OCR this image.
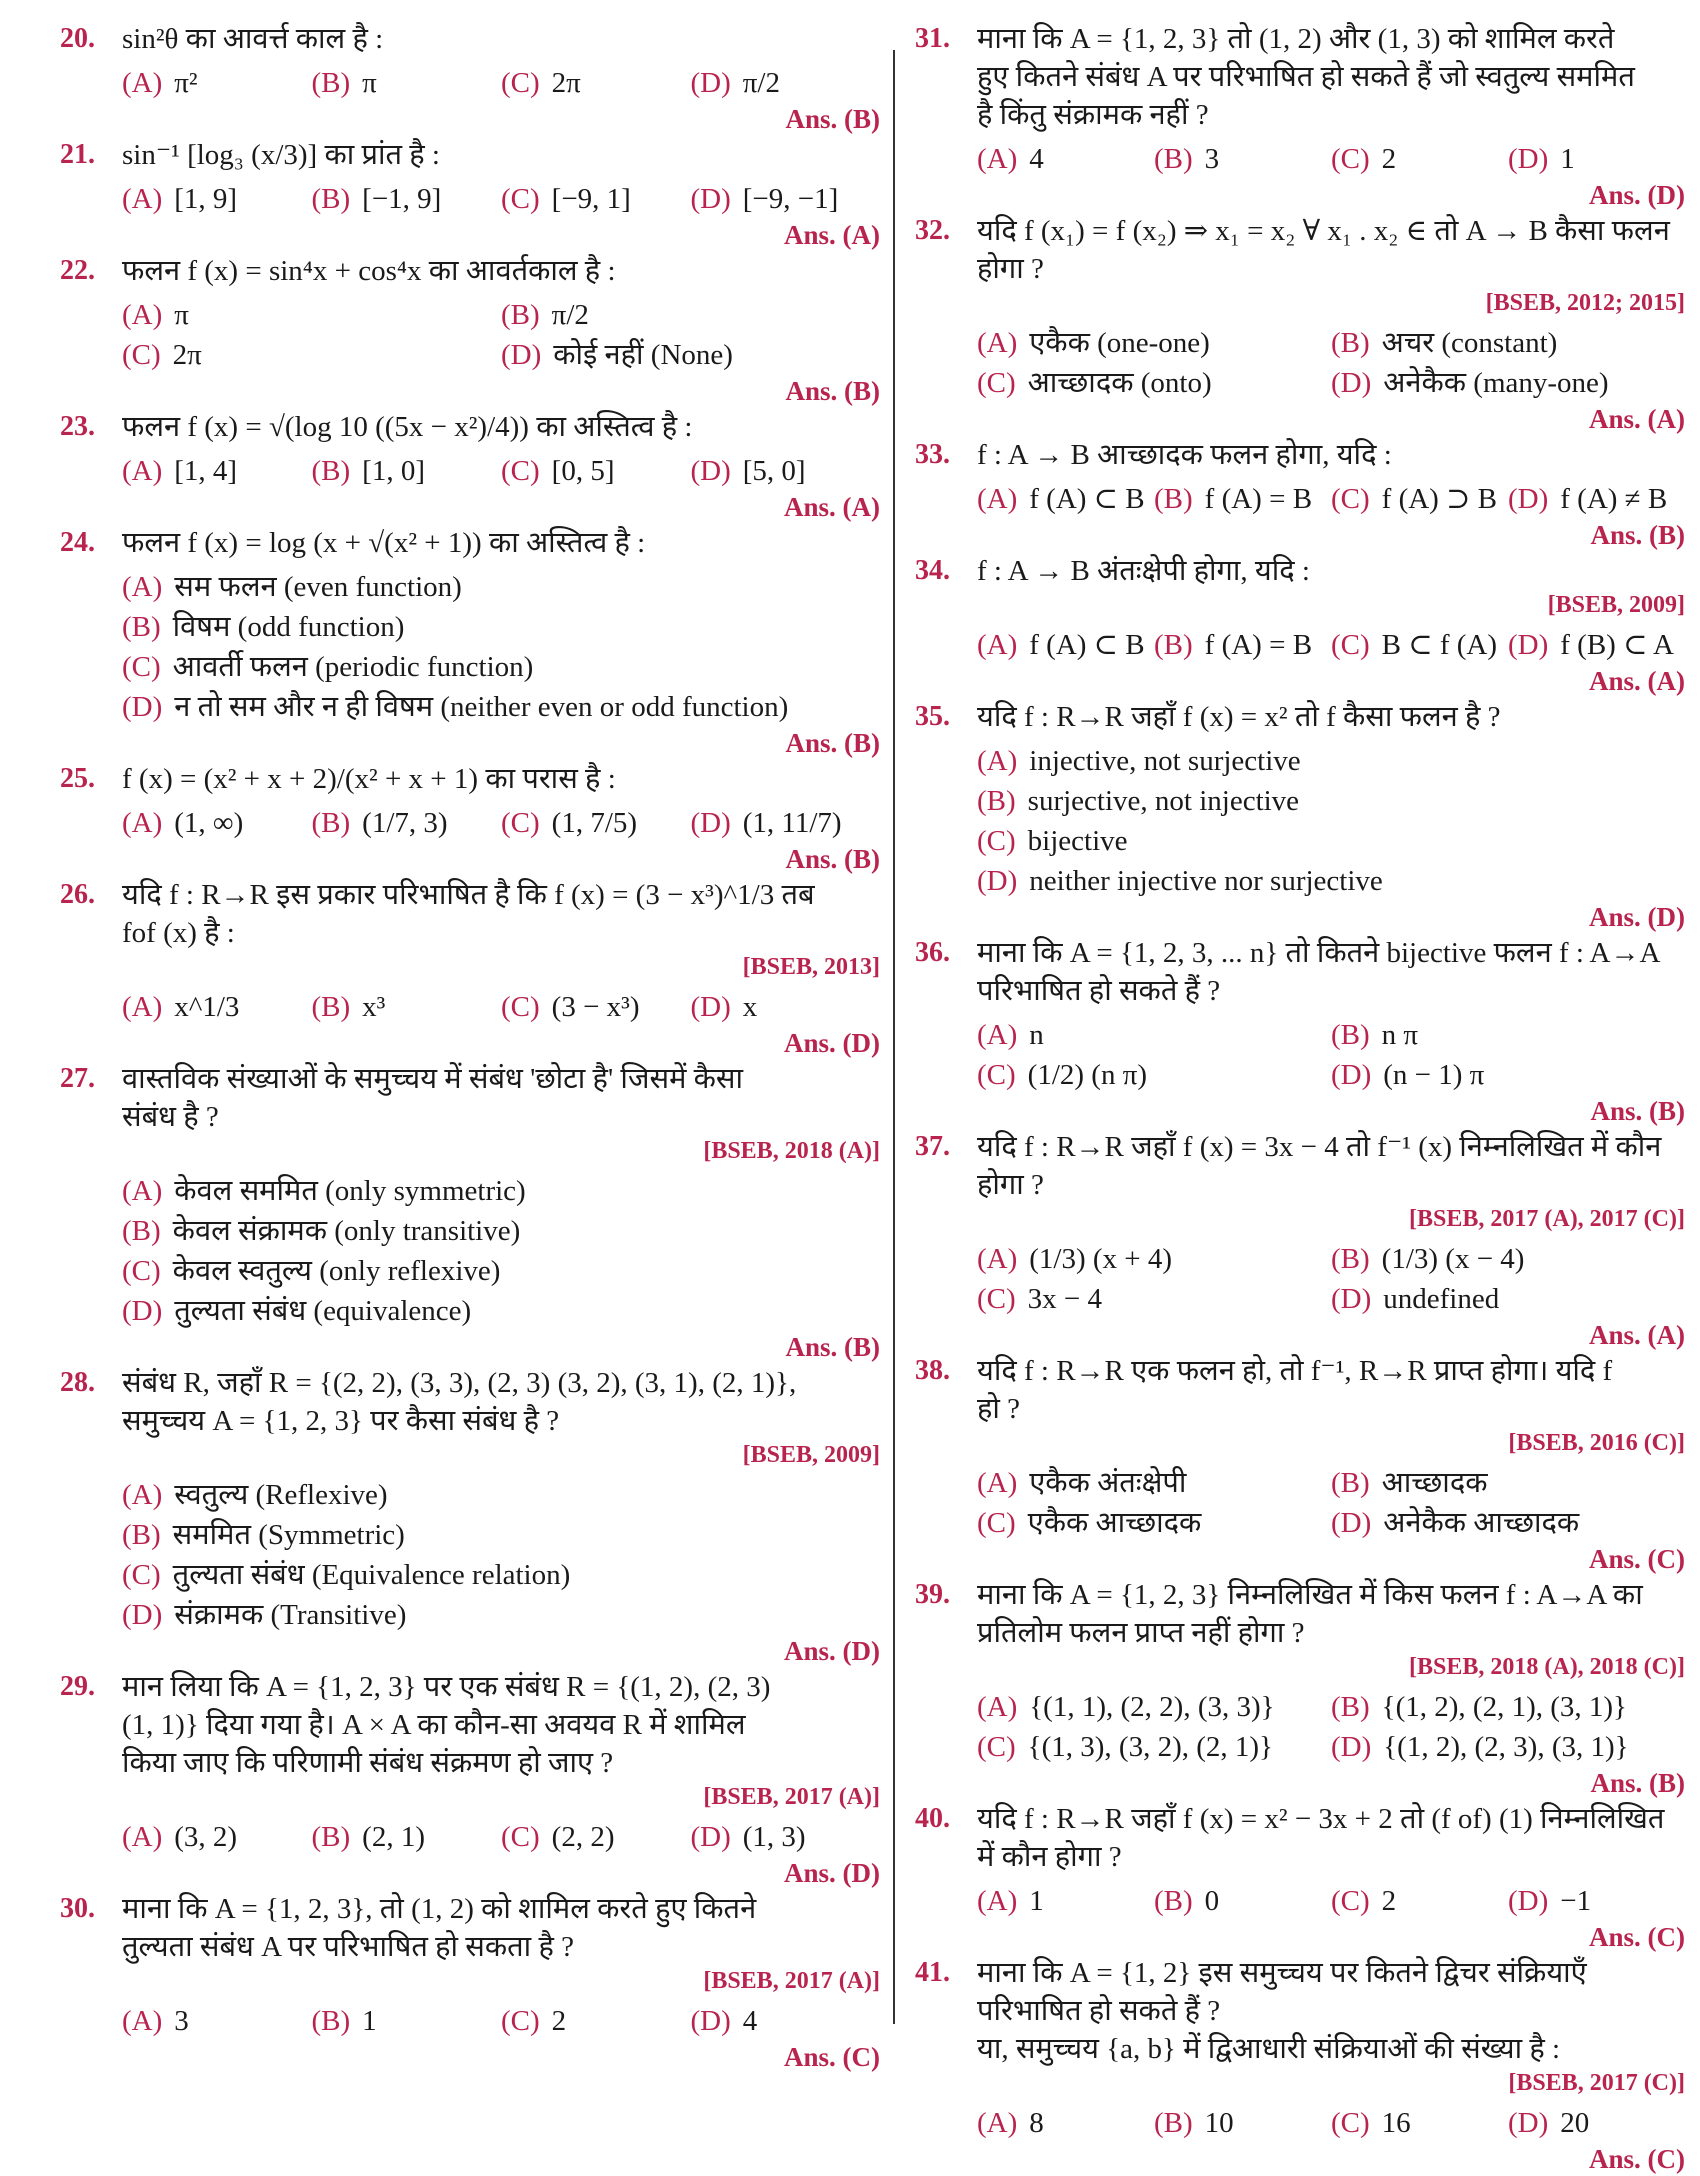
20. sin²θ का आवर्त्त काल है :
(A) π²	(B) π	(C) 2π	(D) π/2
Ans. (B)
21. sin⁻¹ [log₃ (x/3)] का प्रांत है :
(A) [1, 9]	(B) [−1, 9]	(C) [−9, 1]	(D) [−9, −1]
Ans. (A)
22. फलन f (x) = sin⁴x + cos⁴x का आवर्तकाल है :
(A) π	(B) π/2
(C) 2π	(D) कोई नहीं (None)
Ans. (B)
23. फलन f (x) = √(log 10 ((5x − x²)/4)) का अस्तित्व है :
(A) [1, 4]	(B) [1, 0]	(C) [0, 5]	(D) [5, 0]
Ans. (A)
24. फलन f (x) = log (x + √(x² + 1)) का अस्तित्व है :
(A) सम फलन (even function)
(B) विषम (odd function)
(C) आवर्ती फलन (periodic function)
(D) न तो सम और न ही विषम (neither even or odd function)
Ans. (B)
25. f (x) = (x² + x + 2)/(x² + x + 1) का परास है :
(A) (1, ∞)	(B) (1/7, 3)	(C) (1, 7/5)	(D) (1, 11/7)
Ans. (B)
26. यदि f : R→R इस प्रकार परिभाषित है कि f (x) = (3 − x³)^1/3 तब
fof (x) है :
[BSEB, 2013]
(A) x^1/3	(B) x³	(C) (3 − x³)	(D) x
Ans. (D)
27. वास्तविक संख्याओं के समुच्चय में संबंध 'छोटा है' जिसमें कैसा
संबंध है ?
[BSEB, 2018 (A)]
(A) केवल सममित (only symmetric)
(B) केवल संक्रामक (only transitive)
(C) केवल स्वतुल्य (only reflexive)
(D) तुल्यता संबंध (equivalence)
Ans. (B)
28. संबंध R, जहाँ R = {(2, 2), (3, 3), (2, 3) (3, 2), (3, 1), (2, 1)},
समुच्चय A = {1, 2, 3} पर कैसा संबंध है ?
[BSEB, 2009]
(A) स्वतुल्य (Reflexive)
(B) सममित (Symmetric)
(C) तुल्यता संबंध (Equivalence relation)
(D) संक्रामक (Transitive)
Ans. (D)
29. मान लिया कि A = {1, 2, 3} पर एक संबंध R = {(1, 2), (2, 3)
(1, 1)} दिया गया है। A × A का कौन-सा अवयव R में शामिल
किया जाए कि परिणामी संबंध संक्रमण हो जाए ?
[BSEB, 2017 (A)]
(A) (3, 2)	(B) (2, 1)	(C) (2, 2)	(D) (1, 3)
Ans. (D)
30. माना कि A = {1, 2, 3}, तो (1, 2) को शामिल करते हुए कितने
तुल्यता संबंध A पर परिभाषित हो सकता है ?
[BSEB, 2017 (A)]
(A) 3	(B) 1	(C) 2	(D) 4
Ans. (C)
31. माना कि A = {1, 2, 3} तो (1, 2) और (1, 3) को शामिल करते
हुए कितने संबंध A पर परिभाषित हो सकते हैं जो स्वतुल्य सममित
है किंतु संक्रामक नहीं ?
(A) 4	(B) 3	(C) 2	(D) 1
Ans. (D)
32. यदि f (x₁) = f (x₂) ⇒ x₁ = x₂ ∀ x₁ . x₂ ∈ तो A → B कैसा फलन
होगा ?
[BSEB, 2012; 2015]
(A) एकैक (one-one)	(B) अचर (constant)
(C) आच्छादक (onto)	(D) अनेकैक (many-one)
Ans. (A)
33. f : A → B आच्छादक फलन होगा, यदि :
(A) f (A) ⊂ B (B) f (A) = B (C) f (A) ⊃ B (D) f (A) ≠ B
Ans. (B)
34. f : A → B अंतःक्षेपी होगा, यदि :
[BSEB, 2009]
(A) f (A) ⊂ B (B) f (A) = B (C) B ⊂ f (A) (D) f (B) ⊂ A
Ans. (A)
35. यदि f : R→R जहाँ f (x) = x² तो f कैसा फलन है ?
(A) injective, not surjective
(B) surjective, not injective
(C) bijective
(D) neither injective nor surjective
Ans. (D)
36. माना कि A = {1, 2, 3, ... n} तो कितने bijective फलन f : A→A
परिभाषित हो सकते हैं ?
(A) n	(B) n π
(C) (1/2) (n π)	(D) (n − 1) π
Ans. (B)
37. यदि f : R→R जहाँ f (x) = 3x − 4 तो f⁻¹ (x) निम्नलिखित में कौन
होगा ?
[BSEB, 2017 (A), 2017 (C)]
(A) (1/3) (x + 4)	(B) (1/3) (x − 4)
(C) 3x − 4	(D) undefined
Ans. (A)
38. यदि f : R→R एक फलन हो, तो f⁻¹, R→R प्राप्त होगा। यदि f
हो ?
[BSEB, 2016 (C)]
(A) एकैक अंतःक्षेपी	(B) आच्छादक
(C) एकैक आच्छादक	(D) अनेकैक आच्छादक
Ans. (C)
39. माना कि A = {1, 2, 3} निम्नलिखित में किस फलन f : A→A का
प्रतिलोम फलन प्राप्त नहीं होगा ?
[BSEB, 2018 (A), 2018 (C)]
(A) {(1, 1), (2, 2), (3, 3)}	(B) {(1, 2), (2, 1), (3, 1)}
(C) {(1, 3), (3, 2), (2, 1)}	(D) {(1, 2), (2, 3), (3, 1)}
Ans. (B)
40. यदि f : R→R जहाँ f (x) = x² − 3x + 2 तो (f of) (1) निम्नलिखित
में कौन होगा ?
(A) 1	(B) 0	(C) 2	(D) −1
Ans. (C)
41. माना कि A = {1, 2} इस समुच्चय पर कितने द्विचर संक्रियाएँ
परिभाषित हो सकते हैं ?
या, समुच्चय {a, b} में द्विआधारी संक्रियाओं की संख्या है :
[BSEB, 2017 (C)]
(A) 8	(B) 10	(C) 16	(D) 20
Ans. (C)
